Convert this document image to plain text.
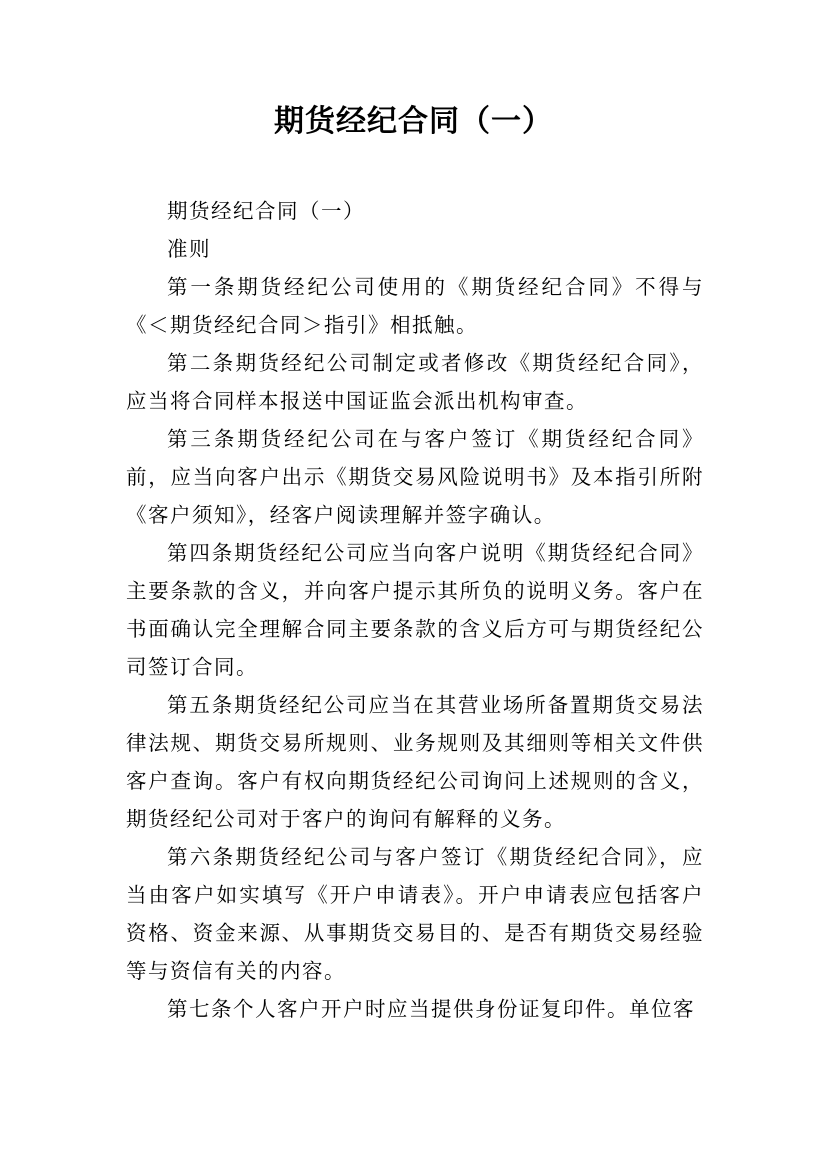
期货经纪合同（一）

期货经纪合同（一）

准则

第一条期货经纪公司使用的《期货经纪合同》不得与《＜期货经纪合同＞指引》相抵触。

第二条期货经纪公司制定或者修改《期货经纪合同》，应当将合同样本报送中国证监会派出机构审查。

第三条期货经纪公司在与客户签订《期货经纪合同》前，应当向客户出示《期货交易风险说明书》及本指引所附《客户须知》，经客户阅读理解并签字确认。

第四条期货经纪公司应当向客户说明《期货经纪合同》主要条款的含义，并向客户提示其所负的说明义务。客户在书面确认完全理解合同主要条款的含义后方可与期货经纪公司签订合同。

第五条期货经纪公司应当在其营业场所备置期货交易法律法规、期货交易所规则、业务规则及其细则等相关文件供客户查询。客户有权向期货经纪公司询问上述规则的含义，期货经纪公司对于客户的询问有解释的义务。

第六条期货经纪公司与客户签订《期货经纪合同》，应当由客户如实填写《开户申请表》。开户申请表应包括客户资格、资金来源、从事期货交易目的、是否有期货交易经验等与资信有关的内容。

第七条个人客户开户时应当提供身份证复印件。单位客
